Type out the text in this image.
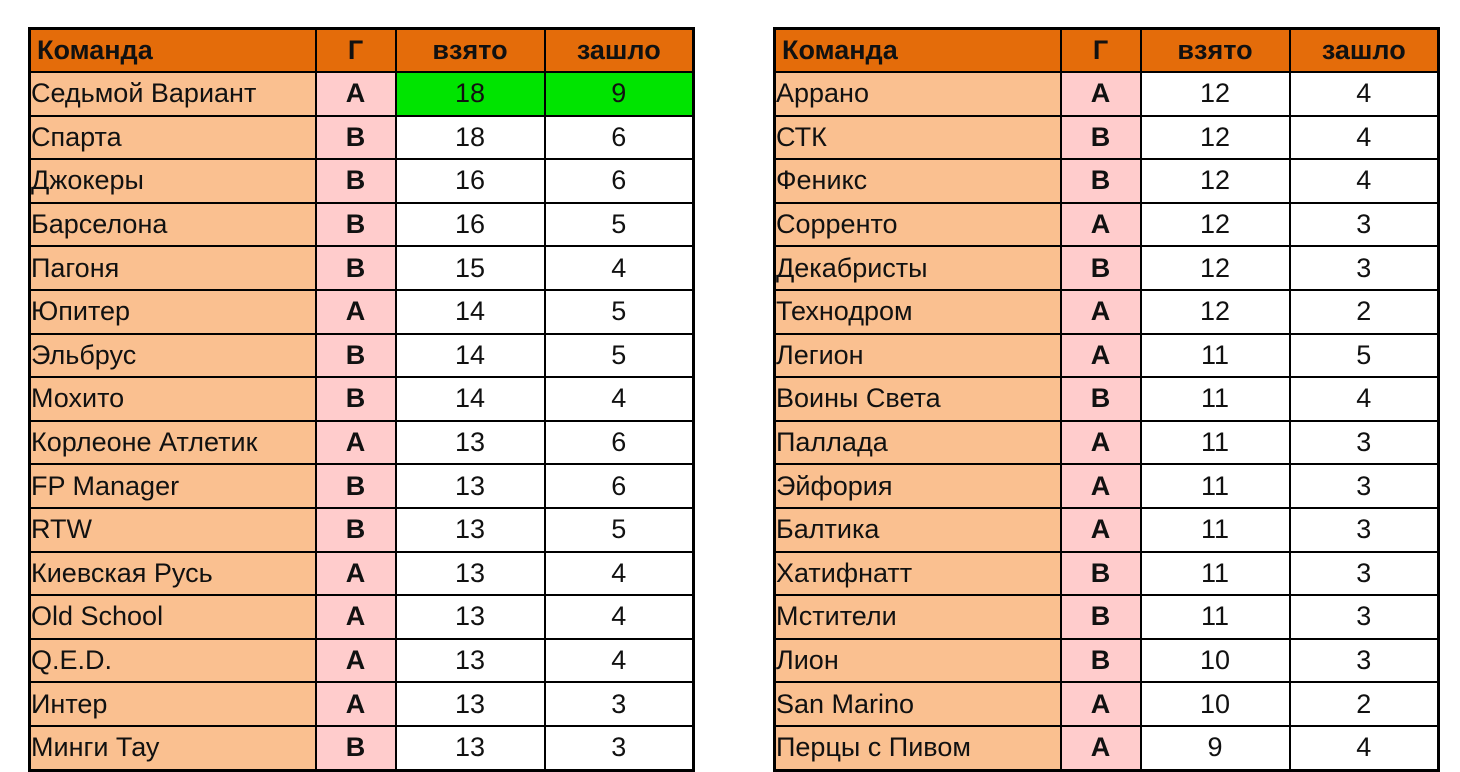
Команда	Г	взято	зашло
Седьмой Вариант	A	18	9
Спарта	B	18	6
Джокеры	B	16	6
Барселона	B	16	5
Пагоня	B	15	4
Юпитер	A	14	5
Эльбрус	B	14	5
Мохито	B	14	4
Корлеоне Атлетик	A	13	6
FP Manager	B	13	6
RTW	B	13	5
Киевская Русь	A	13	4
Old School	A	13	4
Q.E.D.	A	13	4
Интер	A	13	3
Минги Тау	B	13	3
Команда	Г	взято	зашло
Аррано	A	12	4
СТК	B	12	4
Феникс	B	12	4
Сорренто	A	12	3
Декабристы	B	12	3
Технодром	A	12	2
Легион	A	11	5
Воины Света	B	11	4
Паллада	A	11	3
Эйфория	A	11	3
Балтика	A	11	3
Хатифнатт	B	11	3
Мстители	B	11	3
Лион	B	10	3
San Marino	A	10	2
Перцы с Пивом	A	9	4
